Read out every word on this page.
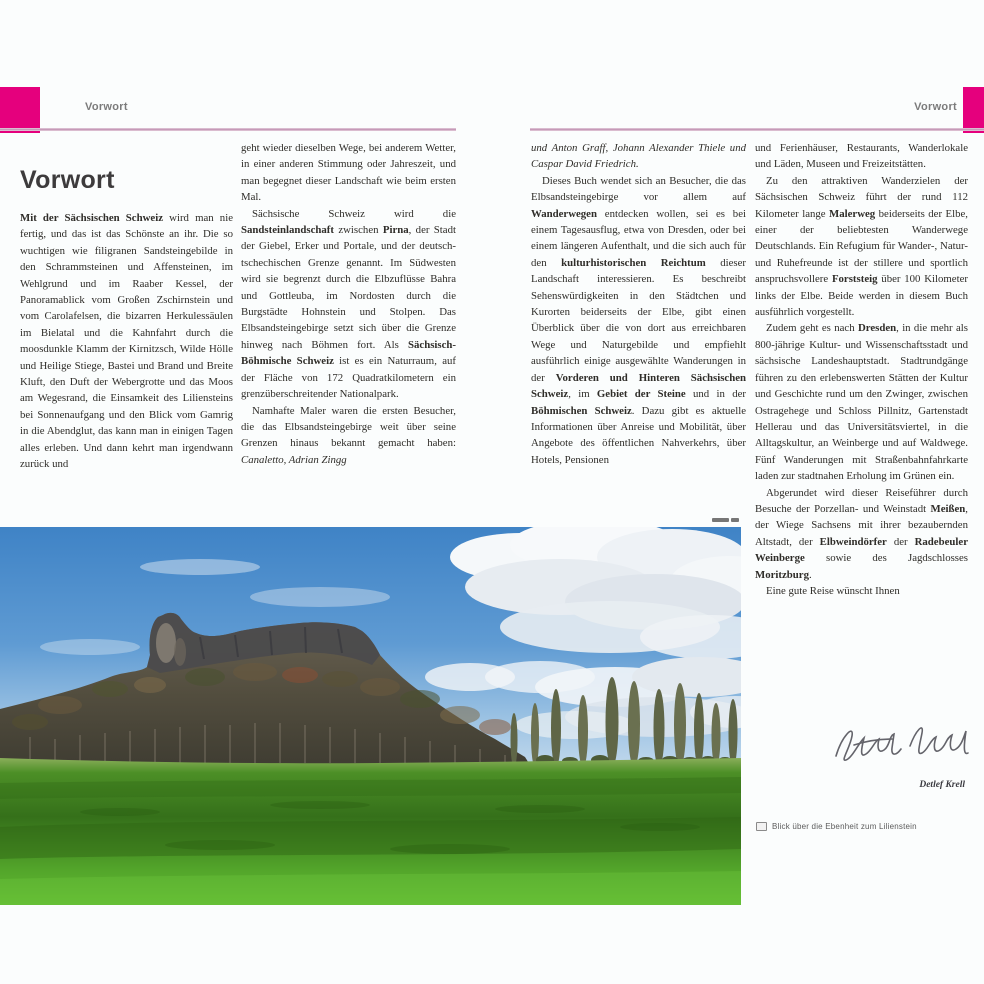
Vorwort	Vorwort
Vorwort

Mit der Sächsischen Schweiz wird man nie fertig, und das ist das Schönste an ihr. Die so wuchtigen wie filigranen Sandsteingebilde in den Schrammsteinen und Affensteinen, im Wehlgrund und im Raaber Kessel, der Panoramablick vom Großen Zschirnstein und vom Carolafelsen, die bizarren Herkulessäulen im Bielatal und die Kahnfahrt durch die moosdunkle Klamm der Kirnitzsch, Wilde Hölle und Heilige Stiege, Bastei und Brand und Breite Kluft, den Duft der Webergrotte und das Moos am Wegesrand, die Einsamkeit des Liliensteins bei Sonnenaufgang und den Blick vom Gamrig in die Abendglut, das kann man in einigen Tagen alles erleben. Und dann kehrt man irgendwann zurück und

geht wieder dieselben Wege, bei anderem Wetter, in einer anderen Stimmung oder Jahreszeit, und man begegnet dieser Landschaft wie beim ersten Mal.

Sächsische Schweiz wird die Sandsteinlandschaft zwischen Pirna, der Stadt der Giebel, Erker und Portale, und der deutsch-tschechischen Grenze genannt. Im Südwesten wird sie begrenzt durch die Elbzuflüsse Bahra und Gottleuba, im Nordosten durch die Burgstädte Hohnstein und Stolpen. Das Elbsandsteingebirge setzt sich über die Grenze hinweg nach Böhmen fort. Als Sächsisch-Böhmische Schweiz ist es ein Naturraum, auf der Fläche von 172 Quadratkilometern ein grenzüberschreitender Nationalpark.

Namhafte Maler waren die ersten Besucher, die das Elbsandsteingebirge weit über seine Grenzen hinaus bekannt gemacht haben: Canaletto, Adrian Zingg

und Anton Graff, Johann Alexander Thiele und Caspar David Friedrich.

Dieses Buch wendet sich an Besucher, die das Elbsandsteingebirge vor allem auf Wanderwegen entdecken wollen, sei es bei einem Tagesausflug, etwa von Dresden, oder bei einem längeren Aufenthalt, und die sich auch für den kulturhistorischen Reichtum dieser Landschaft interessieren. Es beschreibt Sehenswürdigkeiten in den Städtchen und Kurorten beiderseits der Elbe, gibt einen Überblick über die von dort aus erreichbaren Wege und Naturgebilde und empfiehlt ausführlich einige ausgewählte Wanderungen in der Vorderen und Hinteren Sächsischen Schweiz, im Gebiet der Steine und in der Böhmischen Schweiz. Dazu gibt es aktuelle Informationen über Anreise und Mobilität, über Angebote des öffentlichen Nahverkehrs, über Hotels, Pensionen

und Ferienhäuser, Restaurants, Wanderlokale und Läden, Museen und Freizeitstätten.

Zu den attraktiven Wanderzielen der Sächsischen Schweiz führt der rund 112 Kilometer lange Malerweg beiderseits der Elbe, einer der beliebtesten Wanderwege Deutschlands. Ein Refugium für Wander-, Natur- und Ruhefreunde ist der stillere und sportlich anspruchsvollere Forststeig über 100 Kilometer links der Elbe. Beide werden in diesem Buch ausführlich vorgestellt.

Zudem geht es nach Dresden, in die mehr als 800-jährige Kultur- und Wissenschaftsstadt und sächsische Landeshauptstadt. Stadtrundgänge führen zu den erlebenswerten Stätten der Kultur und Geschichte rund um den Zwinger, zwischen Ostragehege und Schloss Pillnitz, Gartenstadt Hellerau und das Universitätsviertel, in die Alltagskultur, an Weinberge und auf Waldwege. Fünf Wanderungen mit Straßenbahnfahrkarte laden zur stadtnahen Erholung im Grünen ein.

Abgerundet wird dieser Reiseführer durch Besuche der Porzellan- und Weinstadt Meißen, der Wiege Sachsens mit ihrer bezaubernden Altstadt, der Elbweindörfer der Radebeuler Weinberge sowie des Jagdschlosses Moritzburg.

Eine gute Reise wünscht Ihnen

Detlef Krell
Blick über die Ebenheit zum Lilienstein
